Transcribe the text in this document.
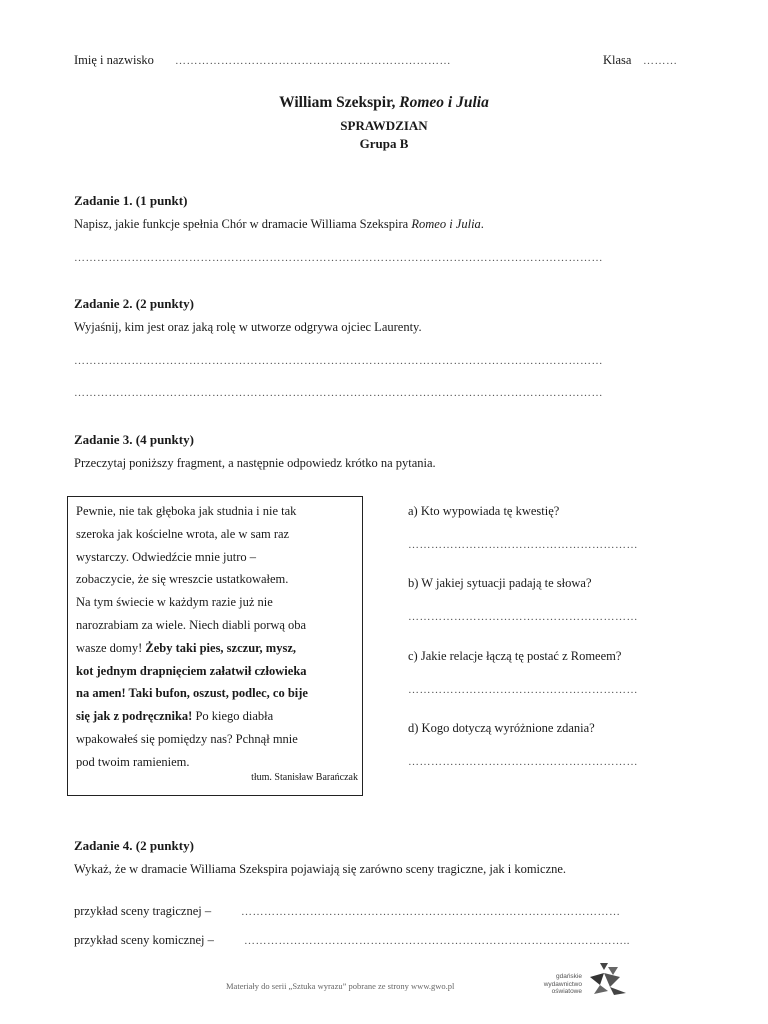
Imię i nazwisko ………………………………………………………………	Klasa ………
William Szekspir, Romeo i Julia
SPRAWDZIAN
Grupa B
Zadanie 1. (1 punkt)
Napisz, jakie funkcje spełnia Chór w dramacie Williama Szekspira Romeo i Julia.
…………………………………………………………………………………………………………………………
Zadanie 2. (2 punkty)
Wyjaśnij, kim jest oraz jaką rolę w utworze odgrywa ojciec Laurenty.
…………………………………………………………………………………………………………………………
…………………………………………………………………………………………………………………………
Zadanie 3. (4 punkty)
Przeczytaj poniższy fragment, a następnie odpowiedz krótko na pytania.
Pewnie, nie tak głęboka jak studnia i nie tak
szeroka jak kościelne wrota, ale w sam raz
wystarczy. Odwiedźcie mnie jutro –
zobaczycie, że się wreszcie ustatkowałem.
Na tym świecie w każdym razie już nie
narozrabiam za wiele. Niech diabli porwą oba
wasze domy! Żeby taki pies, szczur, mysz,
kot jednym drapnięciem załatwił człowieka
na amen! Taki bufon, oszust, podlec, co bije
się jak z podręcznika! Po kiego diabła
wpakowałeś się pomiędzy nas? Pchnął mnie
pod twoim ramieniem.
tłum. Stanisław Barańczak
a) Kto wypowiada tę kwestię?
……………………………………………………
b) W jakiej sytuacji padają te słowa?
……………………………………………………
c) Jakie relacje łączą tę postać z Romeem?
……………………………………………………
d) Kogo dotyczą wyróżnione zdania?
……………………………………………………
Zadanie 4. (2 punkty)
Wykaż, że w dramacie Williama Szekspira pojawiają się zarówno sceny tragiczne, jak i komiczne.
przykład sceny tragicznej –	………………………………………………………………………………………
przykład sceny komicznej –	………………………………………………………………………………………..
Materiały do serii „Sztuka wyrazu” pobrane ze strony www.gwo.pl
gdańskie
wydawnictwo
oświatowe
